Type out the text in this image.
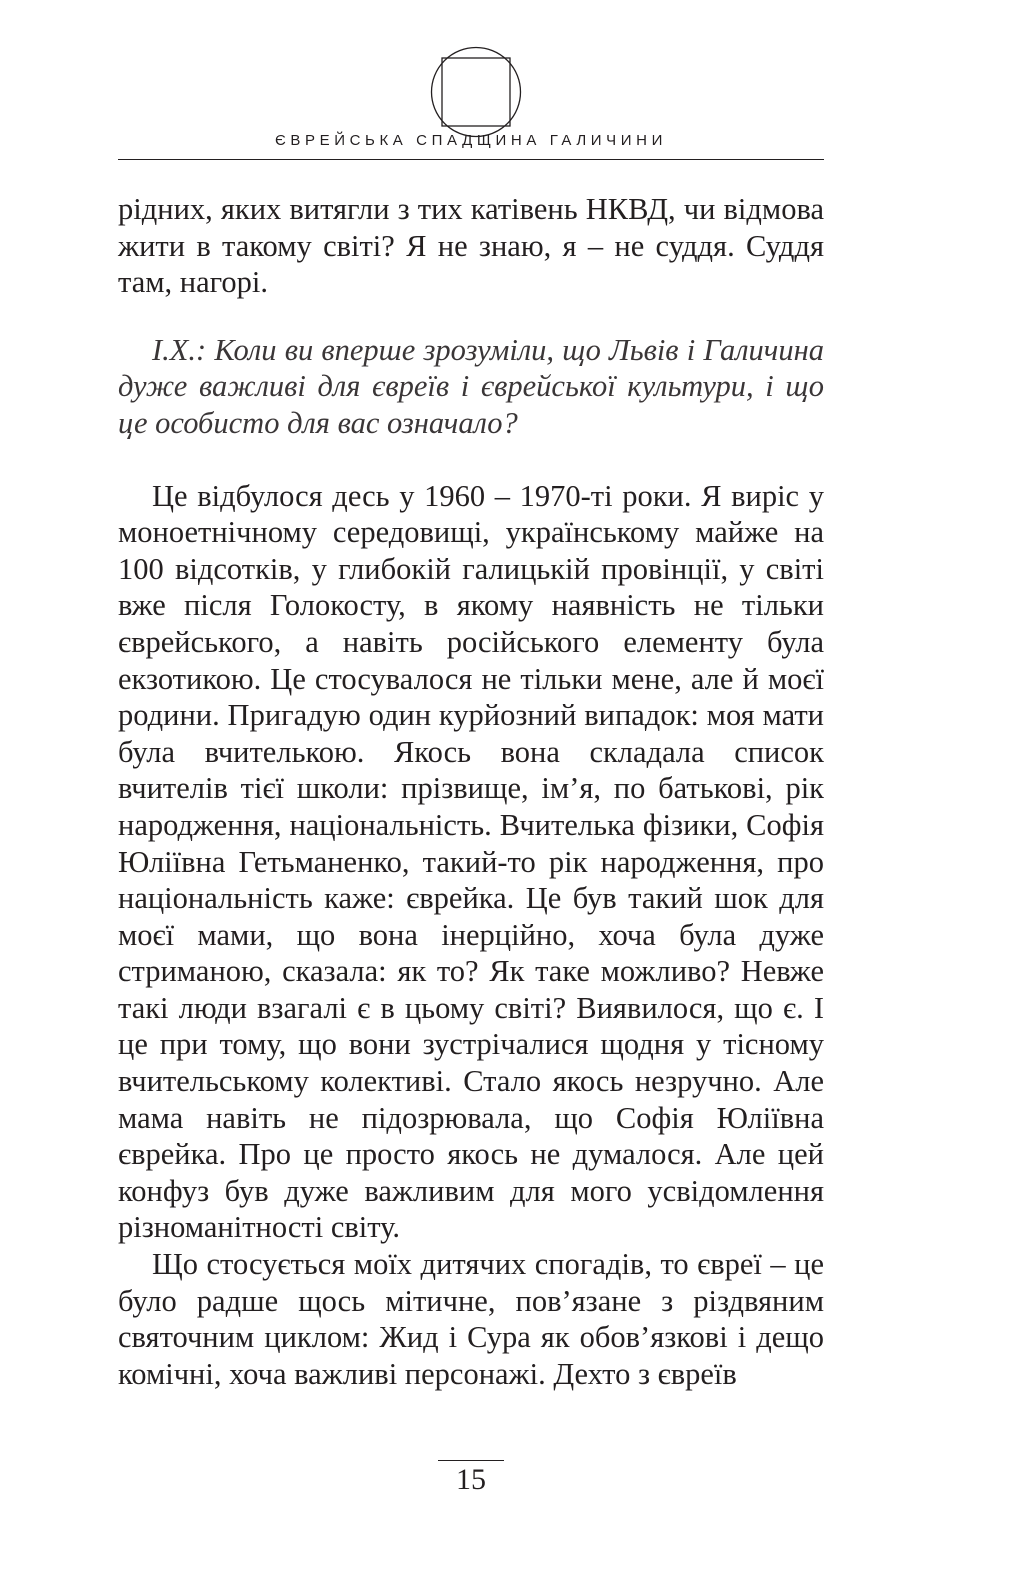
ЄВРЕЙСЬКА СПАДЩИНА ГАЛИЧИНИ

рідних, яких витягли з тих катівень НКВД, чи відмова жити в такому світі? Я не знаю, я – не суддя. Суддя там, нагорі.

І.Х.: Коли ви вперше зрозуміли, що Львів і Галичина дуже важливі для євреїв і єврейської культури, і що це особисто для вас означало?

Це відбулося десь у 1960 – 1970-ті роки. Я виріс у моноетнічному середовищі, українському майже на 100 відсотків, у глибокій галицькій провінції, у світі вже після Голокосту, в якому наявність не тільки єврейського, а навіть російського елементу була екзотикою. Це стосувалося не тільки мене, але й моєї родини. Пригадую один курйозний випадок: моя мати була вчителькою. Якось вона складала список вчителів тієї школи: прізвище, ім’я, по батькові, рік народження, національність. Вчителька фізики, Софія Юліївна Гетьманенко, такий-то рік народження, про національність каже: єврейка. Це був такий шок для моєї мами, що вона інерційно, хоча була дуже стриманою, сказала: як то? Як таке можливо? Невже такі люди взагалі є в цьому світі? Виявилося, що є. І це при тому, що вони зустрічалися щодня у тісному вчительському колективі. Стало якось незручно. Але мама навіть не підозрювала, що Софія Юліївна єврейка. Про це просто якось не думалося. Але цей конфуз був дуже важливим для мого усвідомлення різноманітності світу.

Що стосується моїх дитячих спогадів, то євреї – це було радше щось мітичне, пов’язане з різдвяним святочним циклом: Жид і Сура як обов’язкові і дещо комічні, хоча важливі персонажі. Дехто з євреїв

15
